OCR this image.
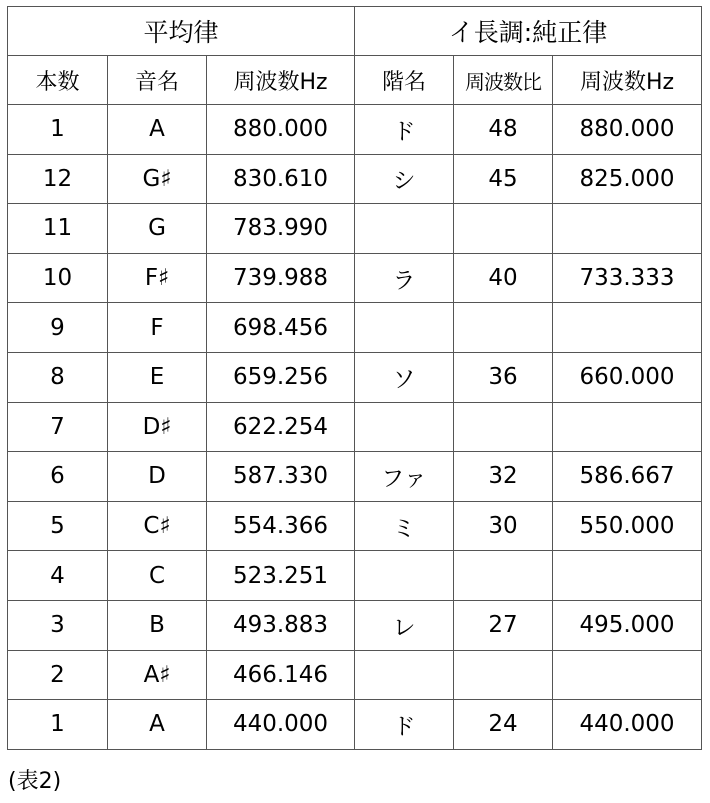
平均律			イ長調:純正律		
本数	音名	周波数Hz	階名	周波数比	周波数Hz
1	A	880.000	ド	48	880.000
12	G♯	830.610	シ	45	825.000
11	G	783.990			
10	F♯	739.988	ラ	40	733.333
9	F	698.456			
8	E	659.256	ソ	36	660.000
7	D♯	622.254			
6	D	587.330	ファ	32	586.667
5	C♯	554.366	ミ	30	550.000
4	C	523.251			
3	B	493.883	レ	27	495.000
2	A♯	466.146			
1	A	440.000	ド	24	440.000
(表2)
